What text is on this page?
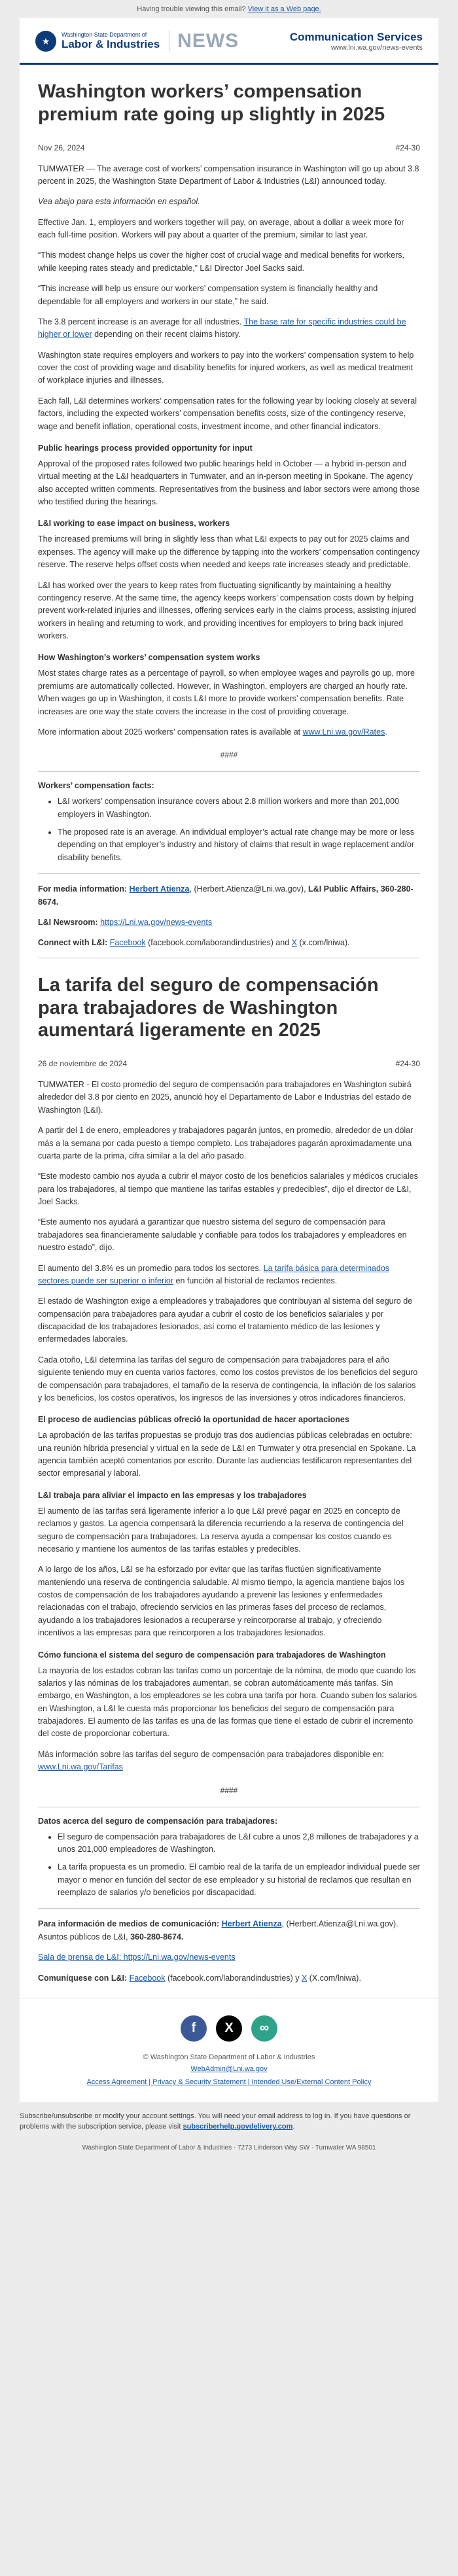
Having trouble viewing this email? View it as a Web page.
★
Washington State Department of
Labor & Industries NEWS	Communication Services
www.lni.wa.gov/news-events
Washington workers’ compensation premium rate going up slightly in 2025
Nov 26, 2024	#24-30

TUMWATER — The average cost of workers’ compensation insurance in Washington will go up about 3.8 percent in 2025, the Washington State Department of Labor & Industries (L&I) announced today.

Vea abajo para esta información en español.

Effective Jan. 1, employers and workers together will pay, on average, about a dollar a week more for each full-time position. Workers will pay about a quarter of the premium, similar to last year.

“This modest change helps us cover the higher cost of crucial wage and medical benefits for workers, while keeping rates steady and predictable,” L&I Director Joel Sacks said.

“This increase will help us ensure our workers’ compensation system is financially healthy and dependable for all employers and workers in our state,” he said.

The 3.8 percent increase is an average for all industries. The base rate for specific industries could be higher or lower depending on their recent claims history.

Washington state requires employers and workers to pay into the workers’ compensation system to help cover the cost of providing wage and disability benefits for injured workers, as well as medical treatment of workplace injuries and illnesses.

Each fall, L&I determines workers’ compensation rates for the following year by looking closely at several factors, including the expected workers’ compensation benefits costs, size of the contingency reserve, wage and benefit inflation, operational costs, investment income, and other financial indicators.

Public hearings process provided opportunity for input

Approval of the proposed rates followed two public hearings held in October — a hybrid in-person and virtual meeting at the L&I headquarters in Tumwater, and an in-person meeting in Spokane. The agency also accepted written comments. Representatives from the business and labor sectors were among those who testified during the hearings.

L&I working to ease impact on business, workers

The increased premiums will bring in slightly less than what L&I expects to pay out for 2025 claims and expenses. The agency will make up the difference by tapping into the workers’ compensation contingency reserve. The reserve helps offset costs when needed and keeps rate increases steady and predictable.

L&I has worked over the years to keep rates from fluctuating significantly by maintaining a healthy contingency reserve. At the same time, the agency keeps workers’ compensation costs down by helping prevent work-related injuries and illnesses, offering services early in the claims process, assisting injured workers in healing and returning to work, and providing incentives for employers to bring back injured workers.

How Washington’s workers’ compensation system works

Most states charge rates as a percentage of payroll, so when employee wages and payrolls go up, more premiums are automatically collected. However, in Washington, employers are charged an hourly rate. When wages go up in Washington, it costs L&I more to provide workers’ compensation benefits. Rate increases are one way the state covers the increase in the cost of providing coverage.

More information about 2025 workers’ compensation rates is available at www.Lni.wa.gov/Rates.

####
Workers’ compensation facts:
• L&I workers’ compensation insurance covers about 2.8 million workers and more than 201,000 employers in Washington.
• The proposed rate is an average. An individual employer’s actual rate change may be more or less depending on that employer’s industry and history of claims that result in wage replacement and/or disability benefits.

For media information: Herbert Atienza, (Herbert.Atienza@Lni.wa.gov), L&I Public Affairs, 360-280-8674.

L&I Newsroom: https://Lni.wa.gov/news-events

Connect with L&I: Facebook (facebook.com/laborandindustries) and X (x.com/lniwa).

La tarifa del seguro de compensación para trabajadores de Washington aumentará ligeramente en 2025
26 de noviembre de 2024	#24-30

TUMWATER - El costo promedio del seguro de compensación para trabajadores en Washington subirá alrededor del 3.8 por ciento en 2025, anunció hoy el Departamento de Labor e Industrias del estado de Washington (L&I).

A partir del 1 de enero, empleadores y trabajadores pagarán juntos, en promedio, alrededor de un dólar más a la semana por cada puesto a tiempo completo. Los trabajadores pagarán aproximadamente una cuarta parte de la prima, cifra similar a la del año pasado.

“Este modesto cambio nos ayuda a cubrir el mayor costo de los beneficios salariales y médicos cruciales para los trabajadores, al tiempo que mantiene las tarifas estables y predecibles”, dijo el director de L&I, Joel Sacks.

“Este aumento nos ayudará a garantizar que nuestro sistema del seguro de compensación para trabajadores sea financieramente saludable y confiable para todos los trabajadores y empleadores en nuestro estado”, dijo.

El aumento del 3.8% es un promedio para todos los sectores. La tarifa básica para determinados sectores puede ser superior o inferior en función al historial de reclamos recientes.

El estado de Washington exige a empleadores y trabajadores que contribuyan al sistema del seguro de compensación para trabajadores para ayudar a cubrir el costo de los beneficios salariales y por discapacidad de los trabajadores lesionados, así como el tratamiento médico de las lesiones y enfermedades laborales.

Cada otoño, L&I determina las tarifas del seguro de compensación para trabajadores para el año siguiente teniendo muy en cuenta varios factores, como los costos previstos de los beneficios del seguro de compensación para trabajadores, el tamaño de la reserva de contingencia, la inflación de los salarios y los beneficios, los costos operativos, los ingresos de las inversiones y otros indicadores financieros.

El proceso de audiencias públicas ofreció la oportunidad de hacer aportaciones

La aprobación de las tarifas propuestas se produjo tras dos audiencias públicas celebradas en octubre: una reunión híbrida presencial y virtual en la sede de L&I en Tumwater y otra presencial en Spokane. La agencia también aceptó comentarios por escrito. Durante las audiencias testificaron representantes del sector empresarial y laboral.

L&I trabaja para aliviar el impacto en las empresas y los trabajadores

El aumento de las tarifas será ligeramente inferior a lo que L&I prevé pagar en 2025 en concepto de reclamos y gastos. La agencia compensará la diferencia recurriendo a la reserva de contingencia del seguro de compensación para trabajadores. La reserva ayuda a compensar los costos cuando es necesario y mantiene los aumentos de las tarifas estables y predecibles.

A lo largo de los años, L&I se ha esforzado por evitar que las tarifas fluctúen significativamente manteniendo una reserva de contingencia saludable. Al mismo tiempo, la agencia mantiene bajos los costos de compensación de los trabajadores ayudando a prevenir las lesiones y enfermedades relacionadas con el trabajo, ofreciendo servicios en las primeras fases del proceso de reclamos, ayudando a los trabajadores lesionados a recuperarse y reincorporarse al trabajo, y ofreciendo incentivos a las empresas para que reincorporen a los trabajadores lesionados.

Cómo funciona el sistema del seguro de compensación para trabajadores de Washington

La mayoría de los estados cobran las tarifas como un porcentaje de la nómina, de modo que cuando los salarios y las nóminas de los trabajadores aumentan, se cobran automáticamente más tarifas. Sin embargo, en Washington, a los empleadores se les cobra una tarifa por hora. Cuando suben los salarios en Washington, a L&I le cuesta más proporcionar los beneficios del seguro de compensación para trabajadores. El aumento de las tarifas es una de las formas que tiene el estado de cubrir el incremento del coste de proporcionar cobertura.

Más información sobre las tarifas del seguro de compensación para trabajadores disponible en: www.Lni.wa.gov/Tarifas

####
Datos acerca del seguro de compensación para trabajadores:
• El seguro de compensación para trabajadores de L&I cubre a unos 2,8 millones de trabajadores y a unos 201,000 empleadores de Washington.
• La tarifa propuesta es un promedio. El cambio real de la tarifa de un empleador individual puede ser mayor o menor en función del sector de ese empleador y su historial de reclamos que resultan en reemplazo de salarios y/o beneficios por discapacidad.

Para información de medios de comunicación: Herbert Atienza, (Herbert.Atienza@Lni.wa.gov). Asuntos públicos de L&I, 360-280-8674.

Sala de prensa de L&I: https://Lni.wa.gov/news-events

Comuníquese con L&I: Facebook (facebook.com/laborandindustries) y X (X.com/lniwa).

f	X	∞
© Washington State Department of Labor & Industries
WebAdmin@Lni.wa.gov
Access Agreement | Privacy & Security Statement | Intended Use/External Content Policy
Subscribe/unsubscribe or modify your account settings. You will need your email address to log in. If you have questions or problems with the subscription service, please visit subscriberhelp.govdelivery.com.
Washington State Department of Labor & Industries · 7273 Linderson Way SW · Tumwater WA 98501
